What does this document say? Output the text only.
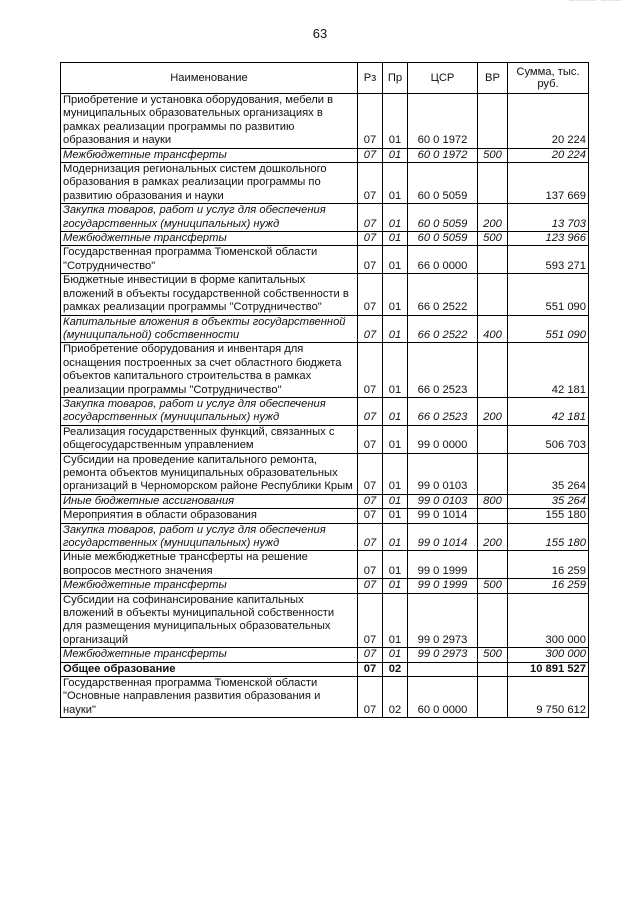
▔▔▔▔ ▔▔▔
63
Наименование	Рз	Пр	ЦСР	ВР	Сумма, тыс. руб.
Приобретение и установка оборудования, мебели в муниципальных образовательных организациях в рамках реализации программы по развитию образования и науки	07	01	60 0 1972		20 224
Межбюджетные трансферты	07	01	60 0 1972	500	20 224
Модернизация региональных систем дошкольного образования в рамках реализации программы по развитию образования и науки	07	01	60 0 5059		137 669
Закупка товаров, работ и услуг для обеспечения государственных (муниципальных) нужд	07	01	60 0 5059	200	13 703
Межбюджетные трансферты	07	01	60 0 5059	500	123 966
Государственная программа Тюменской области "Сотрудничество"	07	01	66 0 0000		593 271
Бюджетные инвестиции в форме капитальных вложений в объекты государственной собственности в рамках реализации программы "Сотрудничество"	07	01	66 0 2522		551 090
Капитальные вложения в объекты государственной (муниципальной) собственности	07	01	66 0 2522	400	551 090
Приобретение оборудования и инвентаря для оснащения построенных за счет областного бюджета объектов капитального строительства в рамках реализации программы "Сотрудничество"	07	01	66 0 2523		42 181
Закупка товаров, работ и услуг для обеспечения государственных (муниципальных) нужд	07	01	66 0 2523	200	42 181
Реализация государственных функций, связанных с общегосударственным управлением	07	01	99 0 0000		506 703
Субсидии на проведение капитального ремонта, ремонта объектов муниципальных образовательных организаций в Черноморском районе Республики Крым	07	01	99 0 0103		35 264
Иные бюджетные ассигнования	07	01	99 0 0103	800	35 264
Мероприятия в области образования	07	01	99 0 1014		155 180
Закупка товаров, работ и услуг для обеспечения государственных (муниципальных) нужд	07	01	99 0 1014	200	155 180
Иные межбюджетные трансферты на решение вопросов местного значения	07	01	99 0 1999		16 259
Межбюджетные трансферты	07	01	99 0 1999	500	16 259
Субсидии на софинансирование капитальных вложений в объекты муниципальной собственности для размещения муниципальных образовательных организаций	07	01	99 0 2973		300 000
Межбюджетные трансферты	07	01	99 0 2973	500	300 000
Общее образование	07	02			10 891 527
Государственная программа Тюменской области "Основные направления развития образования и науки"	07	02	60 0 0000		9 750 612
